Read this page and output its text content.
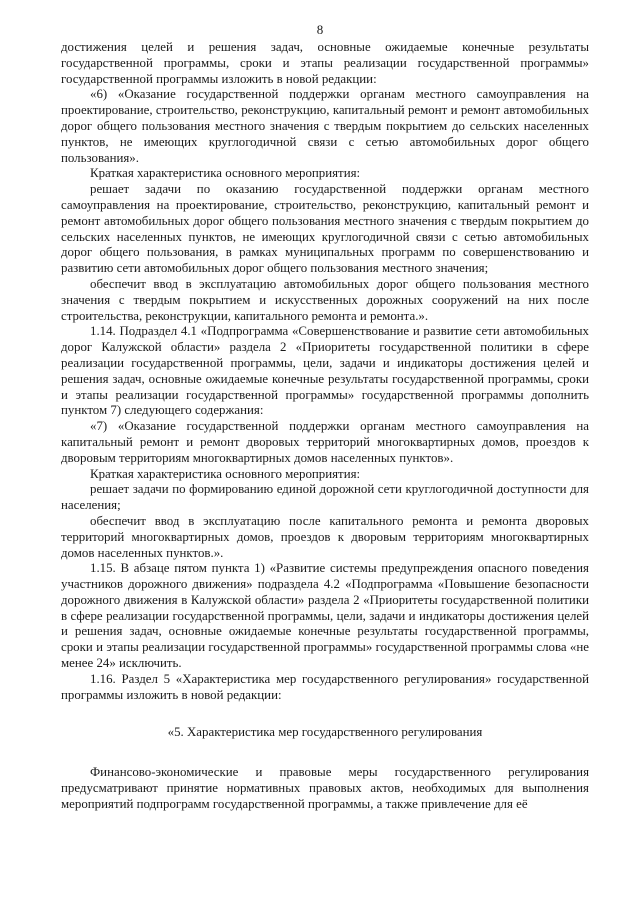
8

достижения целей и решения задач, основные ожидаемые конечные результаты государственной программы, сроки и этапы реализации государственной программы» государственной программы изложить в новой редакции:

«6) «Оказание государственной поддержки органам местного самоуправления на проектирование, строительство, реконструкцию, капитальный ремонт и ремонт автомобильных дорог общего пользования местного значения с твердым покрытием до сельских населенных пунктов, не имеющих круглогодичной связи с сетью автомобильных дорог общего пользования».

Краткая характеристика основного мероприятия:

решает задачи по оказанию государственной поддержки органам местного самоуправления на проектирование, строительство, реконструкцию, капитальный ремонт и ремонт автомобильных дорог общего пользования местного значения с твердым покрытием до сельских населенных пунктов, не имеющих круглогодичной связи с сетью автомобильных дорог общего пользования, в рамках муниципальных программ по совершенствованию и развитию сети автомобильных дорог общего пользования местного значения;

обеспечит ввод в эксплуатацию автомобильных дорог общего пользования местного значения с твердым покрытием и искусственных дорожных сооружений на них после строительства, реконструкции, капитального ремонта и ремонта.».

1.14. Подраздел 4.1 «Подпрограмма «Совершенствование и развитие сети автомобильных дорог Калужской области» раздела 2 «Приоритеты государственной политики в сфере реализации государственной программы, цели, задачи и индикаторы достижения целей и решения задач, основные ожидаемые конечные результаты государственной программы, сроки и этапы реализации государственной программы» государственной программы дополнить пунктом 7) следующего содержания:

«7) «Оказание государственной поддержки органам местного самоуправления на капитальный ремонт и ремонт дворовых территорий многоквартирных домов, проездов к дворовым территориям многоквартирных домов населенных пунктов».

Краткая характеристика основного мероприятия:

решает задачи по формированию единой дорожной сети круглогодичной доступности для населения;

обеспечит ввод в эксплуатацию после капитального ремонта и ремонта дворовых территорий многоквартирных домов, проездов к дворовым территориям многоквартирных домов населенных пунктов.».

1.15. В абзаце пятом пункта 1) «Развитие системы предупреждения опасного поведения участников дорожного движения» подраздела 4.2 «Подпрограмма «Повышение безопасности дорожного движения в Калужской области» раздела 2 «Приоритеты государственной политики в сфере реализации государственной программы, цели, задачи и индикаторы достижения целей и решения задач, основные ожидаемые конечные результаты государственной программы, сроки и этапы реализации государственной программы» государственной программы слова «не менее 24» исключить.

1.16. Раздел 5 «Характеристика мер государственного регулирования» государственной программы изложить в новой редакции:

«5. Характеристика мер государственного регулирования

Финансово-экономические и правовые меры государственного регулирования предусматривают принятие нормативных правовых актов, необходимых для выполнения мероприятий подпрограмм государственной программы, а также привлечение для её
